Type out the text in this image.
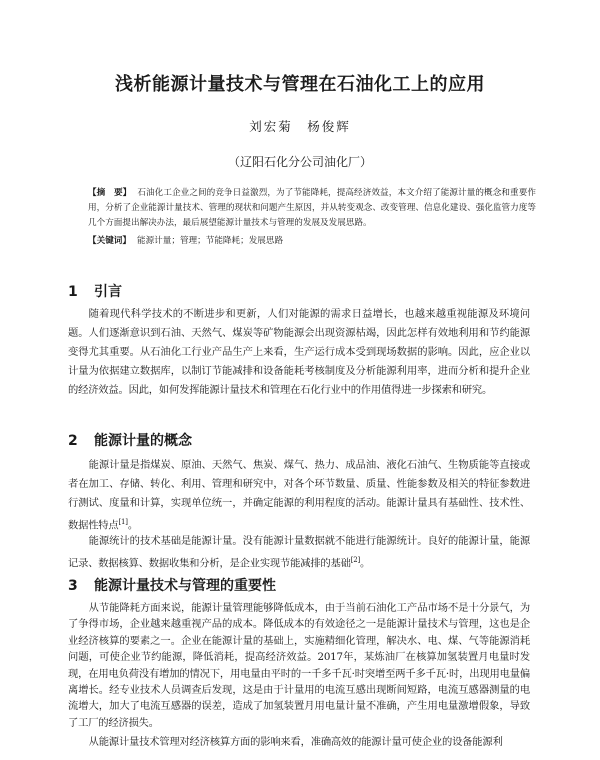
浅析能源计量技术与管理在石油化工上的应用
刘宏菊　杨俊辉
（辽阳石化分公司油化厂）
【摘　要】 石油化工企业之间的竞争日益激烈，为了节能降耗，提高经济效益，本文介绍了能源计量的概念和重要作用，分析了企业能源计量技术、管理的现状和问题产生原因，并从转变观念、改变管理、信息化建设、强化监管力度等几个方面提出解决办法，最后展望能源计量技术与管理的发展及发展思路。
【关键词】 能源计量；管理；节能降耗；发展思路
1 引言

随着现代科学技术的不断进步和更新，人们对能源的需求日益增长，也越来越重视能源及环境问题。人们逐渐意识到石油、天然气、煤炭等矿物能源会出现资源枯竭，因此怎样有效地利用和节约能源变得尤其重要。从石油化工行业产品生产上来看，生产运行成本受到现场数据的影响。因此，应企业以计量为依据建立数据库，以制订节能减排和设备能耗考核制度及分析能源利用率，进而分析和提升企业的经济效益。因此，如何发挥能源计量技术和管理在石化行业中的作用值得进一步探索和研究。

2 能源计量的概念

能源计量是指煤炭、原油、天然气、焦炭、煤气、热力、成品油、液化石油气、生物质能等直接或者在加工、存储、转化、利用、管理和研究中，对各个环节数量、质量、性能参数及相关的特征参数进行测试、度量和计算，实现单位统一，并确定能源的利用程度的活动。能源计量具有基础性、技术性、数据性特点[1]。

能源统计的技术基础是能源计量。没有能源计量数据就不能进行能源统计。良好的能源计量，能源记录、数据核算、数据收集和分析，是企业实现节能减排的基础[2]。

3 能源计量技术与管理的重要性

从节能降耗方面来说，能源计量管理能够降低成本，由于当前石油化工产品市场不是十分景气，为了争得市场，企业越来越重视产品的成本。降低成本的有效途径之一是能源计量技术与管理，这也是企业经济核算的要素之一。企业在能源计量的基础上，实施精细化管理，解决水、电、煤、气等能源消耗问题，可使企业节约能源，降低消耗，提高经济效益。2017年，某炼油厂在核算加氢装置月电量时发现，在用电负荷没有增加的情况下，用电量由平时的一千多千瓦·时突增至两千多千瓦·时，出现用电量偏离增长。经专业技术人员调查后发现，这是由于计量用的电流互感出现断间短路，电流互感器测量的电流增大，加大了电流互感器的误差，造成了加氢装置月用电量计量不准确，产生用电量激增假象，导致了工厂的经济损失。

从能源计量技术管理对经济核算方面的影响来看，准确高效的能源计量可使企业的设备能源利
